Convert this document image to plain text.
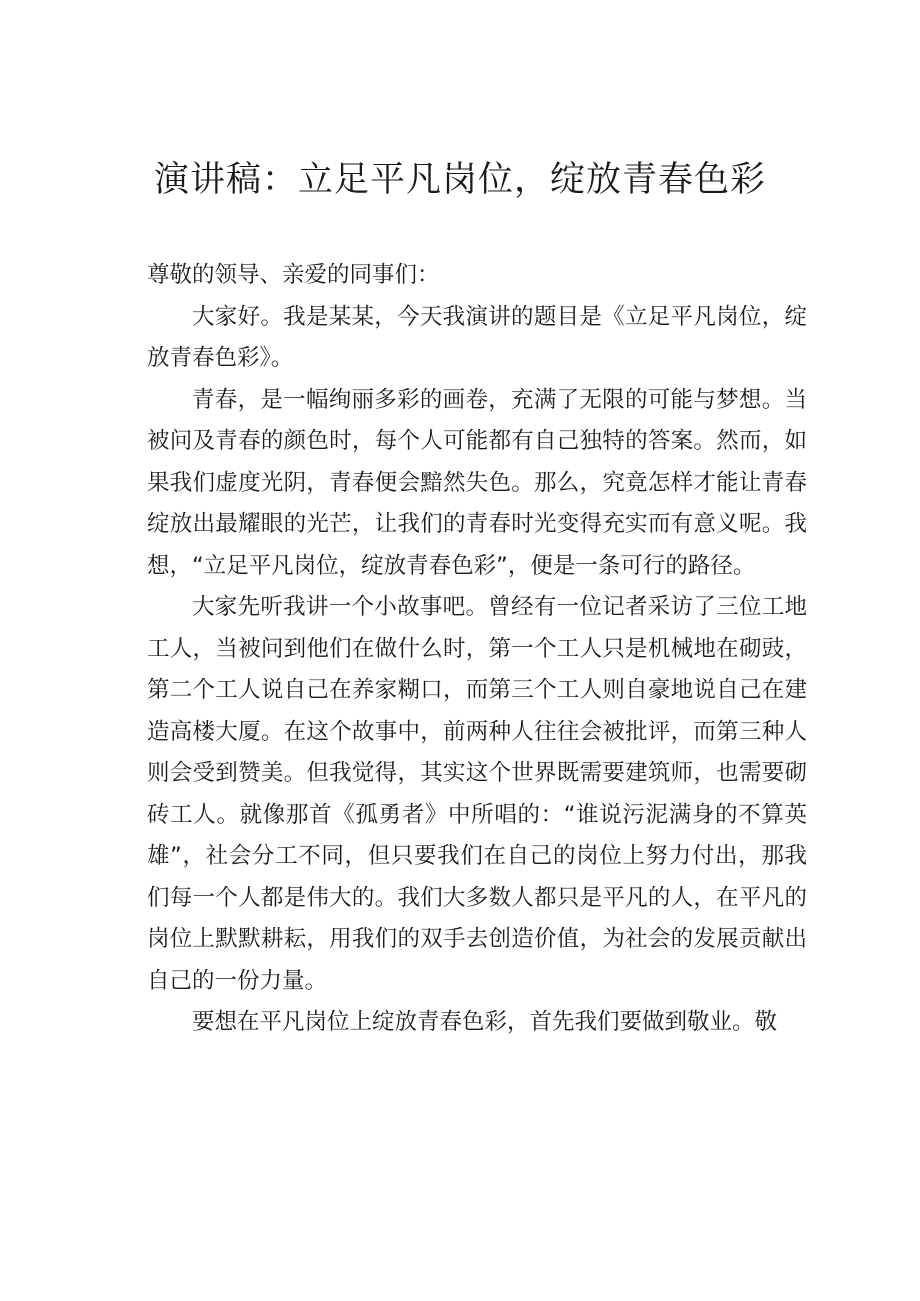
演讲稿：立足平凡岗位，绽放青春色彩

尊敬的领导、亲爱的同事们：

大家好。我是某某，今天我演讲的题目是《立足平凡岗位，绽放青春色彩》。

青春，是一幅绚丽多彩的画卷，充满了无限的可能与梦想。当被问及青春的颜色时，每个人可能都有自己独特的答案。然而，如果我们虚度光阴，青春便会黯然失色。那么，究竟怎样才能让青春绽放出最耀眼的光芒，让我们的青春时光变得充实而有意义呢。我想，“立足平凡岗位，绽放青春色彩”，便是一条可行的路径。

大家先听我讲一个小故事吧。曾经有一位记者采访了三位工地工人，当被问到他们在做什么时，第一个工人只是机械地在砌豉，第二个工人说自己在养家糊口，而第三个工人则自豪地说自己在建造高楼大厦。在这个故事中，前两种人往往会被批评，而第三种人则会受到赞美。但我觉得，其实这个世界既需要建筑师，也需要砌砖工人。就像那首《孤勇者》中所唱的：“谁说污泥满身的不算英雄”，社会分工不同，但只要我们在自己的岗位上努力付出，那我们每一个人都是伟大的。我们大多数人都只是平凡的人，在平凡的岗位上默默耕耘，用我们的双手去创造价值，为社会的发展贡献出自己的一份力量。

要想在平凡岗位上绽放青春色彩，首先我们要做到敬业。敬
